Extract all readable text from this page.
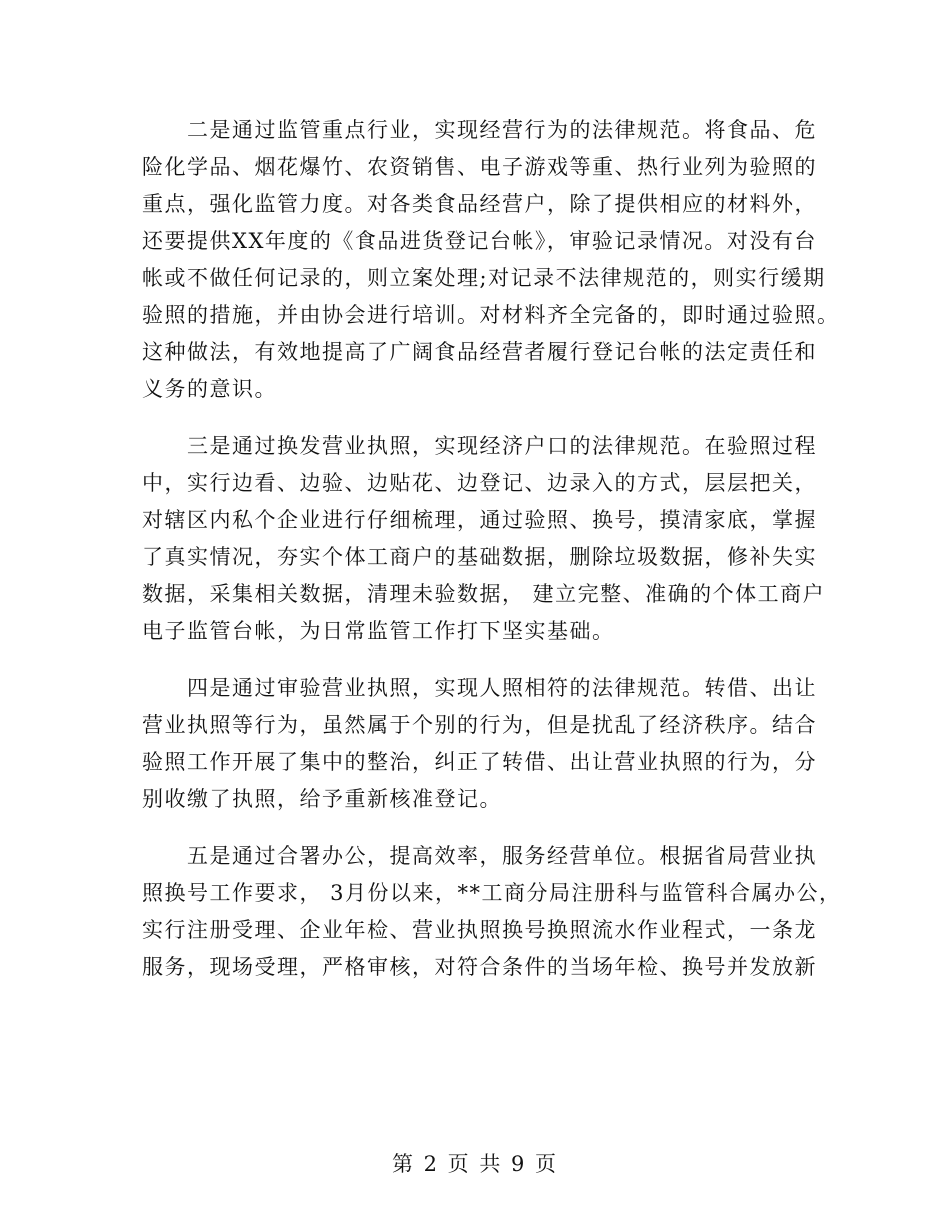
二是通过监管重点行业，实现经营行为的法律规范。将食品、危
险化学品、烟花爆竹、农资销售、电子游戏等重、热行业列为验照的
重点，强化监管力度。对各类食品经营户，除了提供相应的材料外，
还要提供XX年度的《食品进货登记台帐》，审验记录情况。对没有台
帐或不做任何记录的，则立案处理;对记录不法律规范的，则实行缓期
验照的措施，并由协会进行培训。对材料齐全完备的，即时通过验照。
这种做法，有效地提高了广阔食品经营者履行登记台帐的法定责任和
义务的意识。

三是通过换发营业执照，实现经济户口的法律规范。在验照过程
中，实行边看、边验、边贴花、边登记、边录入的方式，层层把关，
对辖区内私个企业进行仔细梳理，通过验照、换号，摸清家底，掌握
了真实情况，夯实个体工商户的基础数据，删除垃圾数据，修补失实
数据，采集相关数据，清理未验数据， 建立完整、准确的个体工商户
电子监管台帐，为日常监管工作打下坚实基础。

四是通过审验营业执照，实现人照相符的法律规范。转借、出让
营业执照等行为，虽然属于个别的行为，但是扰乱了经济秩序。结合
验照工作开展了集中的整治，纠正了转借、出让营业执照的行为，分
别收缴了执照，给予重新核准登记。

五是通过合署办公，提高效率，服务经营单位。根据省局营业执
照换号工作要求， 3月份以来，**工商分局注册科与监管科合属办公，
实行注册受理、企业年检、营业执照换号换照流水作业程式，一条龙
服务，现场受理，严格审核，对符合条件的当场年检、换号并发放新

第 2 页 共 9 页
